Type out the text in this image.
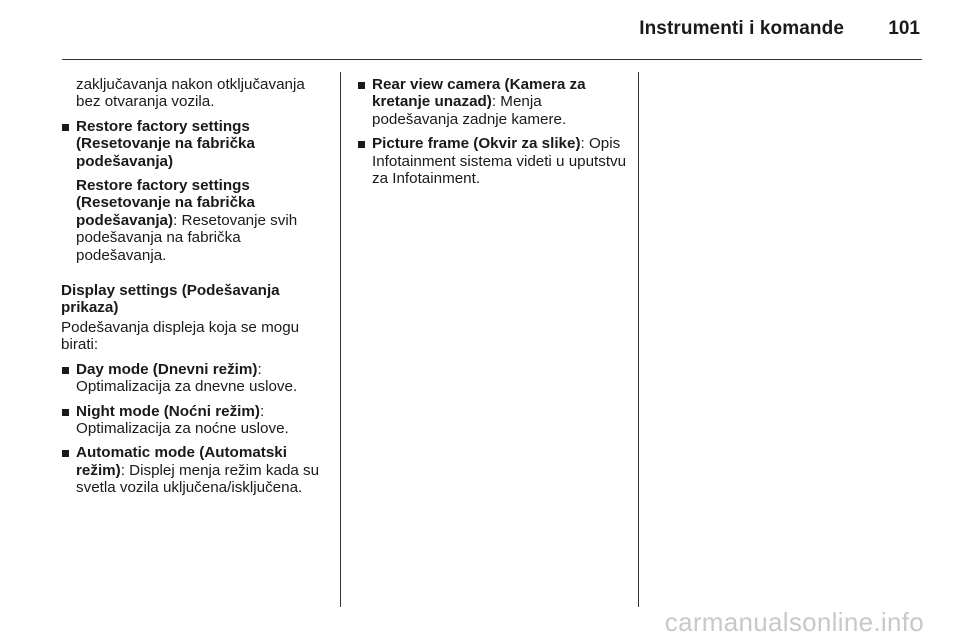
Instrumenti i komande 101

zaključavanja nakon otključavanja bez otvaranja vozila.

Restore factory settings (Resetovanje na fabrička podešavanja)

Restore factory settings (Resetovanje na fabrička podešavanja): Resetovanje svih podešavanja na fabrička podešavanja.

Display settings (Podešavanja prikaza)

Podešavanja displeja koja se mogu birati:

Day mode (Dnevni režim): Optimalizacija za dnevne uslove.
Night mode (Noćni režim): Optimalizacija za noćne uslove.
Automatic mode (Automatski režim): Displej menja režim kada su svetla vozila uključena/isključena.
Rear view camera (Kamera za kretanje unazad): Menja podešavanja zadnje kamere.
Picture frame (Okvir za slike): Opis Infotainment sistema videti u uputstvu za Infotainment.
carmanualsonline.info
